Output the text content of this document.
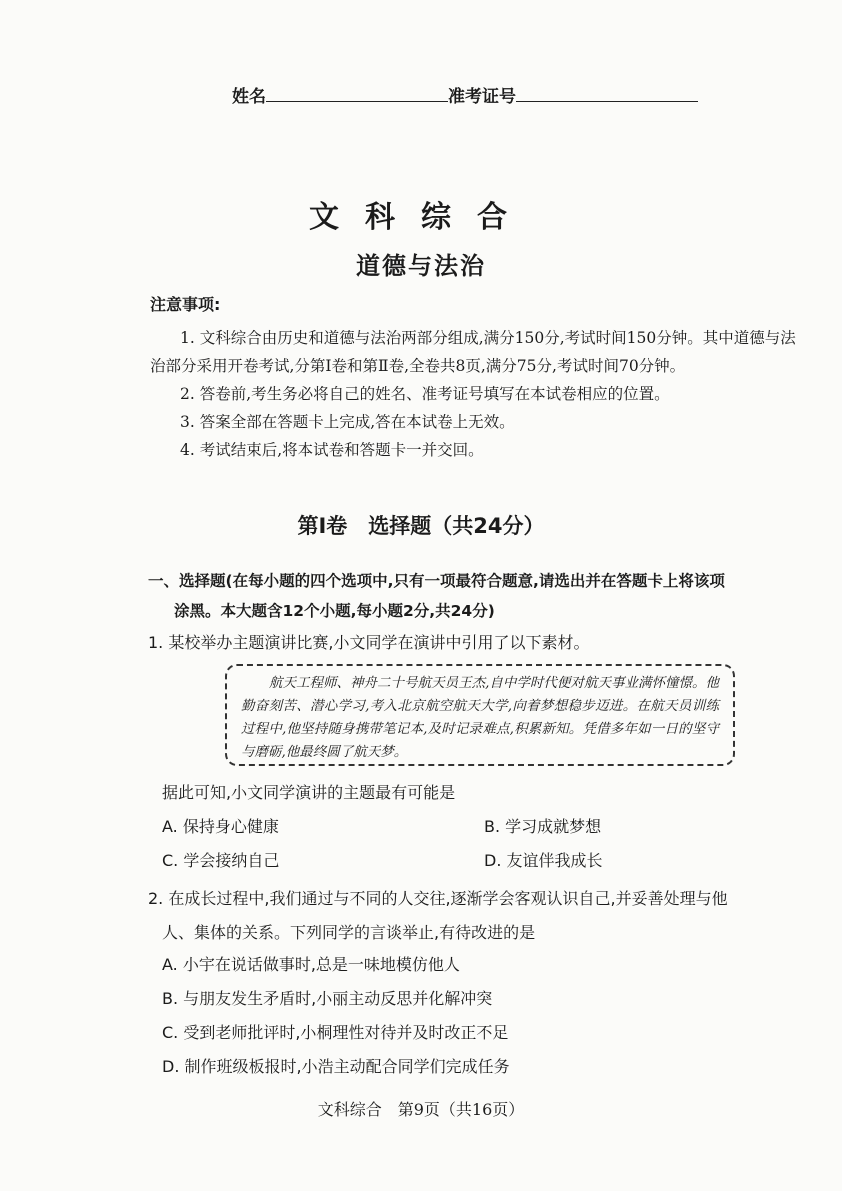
姓名	准考证号
文科综合
道德与法治
注意事项:

1. 文科综合由历史和道德与法治两部分组成,满分150分,考试时间150分钟。其中道德与法治部分采用开卷考试,分第Ⅰ卷和第Ⅱ卷,全卷共8页,满分75分,考试时间70分钟。

2. 答卷前,考生务必将自己的姓名、准考证号填写在本试卷相应的位置。

3. 答案全部在答题卡上完成,答在本试卷上无效。

4. 考试结束后,将本试卷和答题卡一并交回。

第Ⅰ卷　选择题（共24分）
一、选择题(在每小题的四个选项中,只有一项最符合题意,请选出并在答题卡上将该项
涂黑。本大题含12个小题,每小题2分,共24分)
1. 某校举办主题演讲比赛,小文同学在演讲中引用了以下素材。

航天工程师、神舟二十号航天员王杰,自中学时代便对航天事业满怀憧憬。他勤奋刻苦、潜心学习,考入北京航空航天大学,向着梦想稳步迈进。在航天员训练过程中,他坚持随身携带笔记本,及时记录难点,积累新知。凭借多年如一日的坚守与磨砺,他最终圆了航天梦。

据此可知,小文同学演讲的主题最有可能是
A. 保持身心健康	B. 学习成就梦想
C. 学会接纳自己	D. 友谊伴我成长
2. 在成长过程中,我们通过与不同的人交往,逐渐学会客观认识自己,并妥善处理与他
人、集体的关系。下列同学的言谈举止,有待改进的是
A. 小宇在说话做事时,总是一味地模仿他人
B. 与朋友发生矛盾时,小丽主动反思并化解冲突
C. 受到老师批评时,小桐理性对待并及时改正不足
D. 制作班级板报时,小浩主动配合同学们完成任务
文科综合　第9页（共16页）
